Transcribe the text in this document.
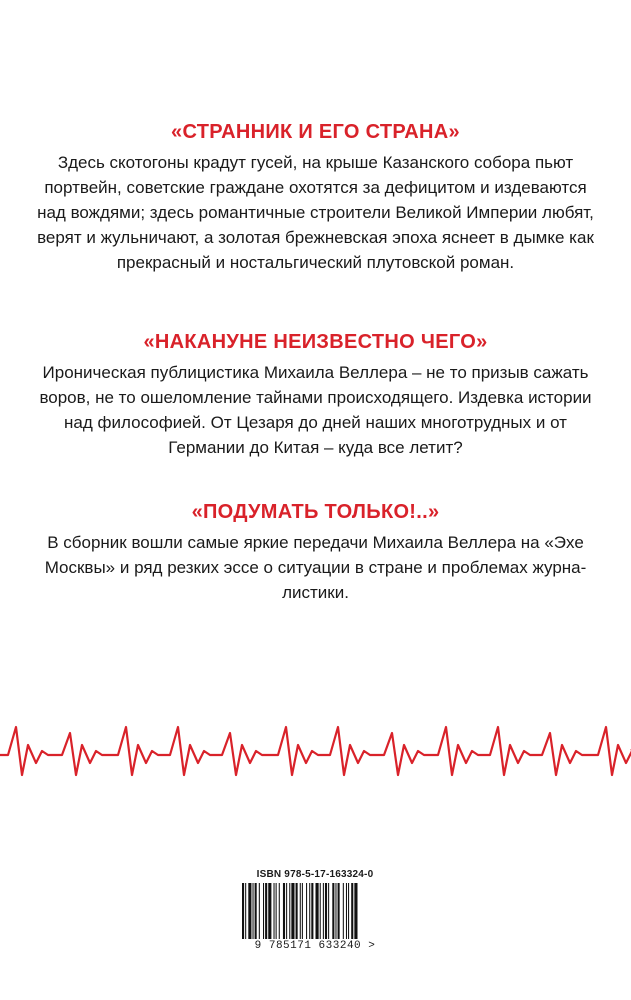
«СТРАННИК И ЕГО СТРАНА»

Здесь скотогоны крадут гусей, на крыше Казанского собора пьют
портвейн, советские граждане охотятся за дефицитом и издеваются
над вождями; здесь романтичные строители Великой Империи любят,
верят и жульничают, а золотая брежневская эпоха яснеет в дымке как
прекрасный и ностальгический плутовской роман.

«НАКАНУНЕ НЕИЗВЕСТНО ЧЕГО»

Ироническая публицистика Михаила Веллера – не то призыв сажать
воров, не то ошеломление тайнами происходящего. Издевка истории
над философией. От Цезаря до дней наших многотрудных и от
Германии до Китая – куда все летит?

«ПОДУМАТЬ ТОЛЬКО!..»

В сборник вошли самые яркие передачи Михаила Веллера на «Эхе
Москвы» и ряд резких эссе о ситуации в стране и проблемах журна-
листики.

ISBN 978-5-17-163324-0
9 785171 633240 >
